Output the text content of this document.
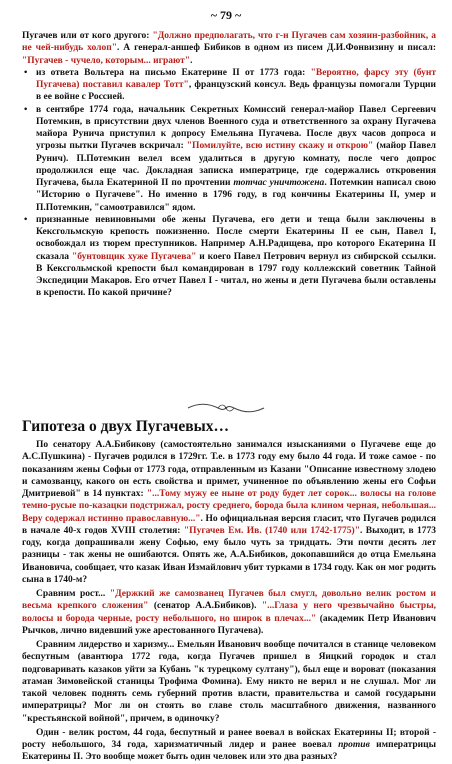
~ 79 ~

Пугачев или от кого другого: "Должно предполагать, что г-н Пугачев сам хозяин-разбойник, а не чей-нибудь холоп". А генерал-аншеф Бибиков в одном из писем Д.И.Фонвизину и писал: "Пугачев - чучело, которым... играют".

• из ответа Вольтера на письмо Екатерине II от 1773 года: "Вероятно, фарсу эту (бунт Пугачева) поставил кавалер Тотт", французский консул. Ведь французы помогали Турции в ее войне с Россией.
• в сентябре 1774 года, начальник Секретных Комиссий генерал-майор Павел Сергеевич Потемкин, в присутствии двух членов Военного суда и ответственного за охрану Пугачева майора Рунича приступил к допросу Емельяна Пугачева. После двух часов допроса и угрозы пытки Пугачев вскричал: "Помилуйте, всю истину скажу и открою" (майор Павел Рунич). П.Потемкин велел всем удалиться в другую комнату, после чего допрос продолжился еще час. Докладная записка императрице, где содержались откровения Пугачева, была Екатериной II по прочтении тотчас уничтожена. Потемкин написал свою "Историю о Пугачеве". Но именно в 1796 году, в год кончины Екатерины II, умер и П.Потемкин, "самоотравился" ядом.
• признанные невиновными обе жены Пугачева, его дети и теща были заключены в Кексгольмскую крепость пожизненно. После смерти Екатерины II ее сын, Павел I, освобождал из тюрем преступников. Например А.Н.Радищева, про которого Екатерина II сказала "бунтовщик хуже Пугачева" и коего Павел Петрович вернул из сибирской ссылки. В Кексгольмской крепости был командирован в 1797 году коллежский советник Тайной Экспедиции Макаров. Его отчет Павел I - читал, но жены и дети Пугачева были оставлены в крепости. По какой причине?
Гипотеза о двух Пугачевых…

По сенатору А.А.Бибикову (самостоятельно занимался изысканиями о Пугачеве еще до А.С.Пушкина) - Пугачев родился в 1729гг. Т.е. в 1773 году ему было 44 года. И тоже самое - по показаниям жены Софьи от 1773 года, отправленным из Казани "Описание известному злодею и самозванцу, какого он есть свойства и примет, учиненное по объявлению жены его Софьи Дмитриевой" в 14 пунктах: "...Тому мужу ее ныне от роду будет лет сорок... волосы на голове темно-русые по-казацки подстрижал, росту среднего, борода была клином черная, небольшая... Веру содержал истинно православную...". Но официальная версия гласит, что Пугачев родился в начале 40-х годов XVIII столетия: "Пугачев Ем. Ив. (1740 или 1742-1775)". Выходит, в 1773 году, когда допрашивали жену Софью, ему было чуть за тридцать. Эти почти десять лет разницы - так жены не ошибаются. Опять же, А.А.Бибиков, докопавшийся до отца Емельяна Ивановича, сообщает, что казак Иван Измайлович убит турками в 1734 году. Как он мог родить сына в 1740-м?

Сравним рост... "Держкий же самозванец Пугачев был смугл, довольно велик ростом и весьма крепкого сложения" (сенатор А.А.Бибиков). "...Глаза у него чрезвычайно быстры, волосы и борода черные, росту небольшого, но широк в плечах..." (академик Петр Иванович Рычков, лично видевший уже арестованного Пугачева).

Сравним лидерство и харизму... Емельян Иванович вообще почитался в станице человеком беспутным (авантюра 1772 года, когда Пугачев пришел в Яицкий городок и стал подговаривать казаков уйти за Кубань "к турецкому султану"), был еще и вороват (показания атаман Зимовейской станицы Трофима Фомина). Ему никто не верил и не слушал. Мог ли такой человек поднять семь губерний против власти, правительства и самой государыни императрицы? Мог ли он стоять во главе столь масштабного движения, названного "крестьянской войной", причем, в одиночку?

Один - велик ростом, 44 года, беспутный и ранее воевал в войсках Екатерины II; второй - росту небольшого, 34 года, харизматичный лидер и ранее воевал против императрицы Екатерины II. Это вообще может быть один человек или это два разных?
